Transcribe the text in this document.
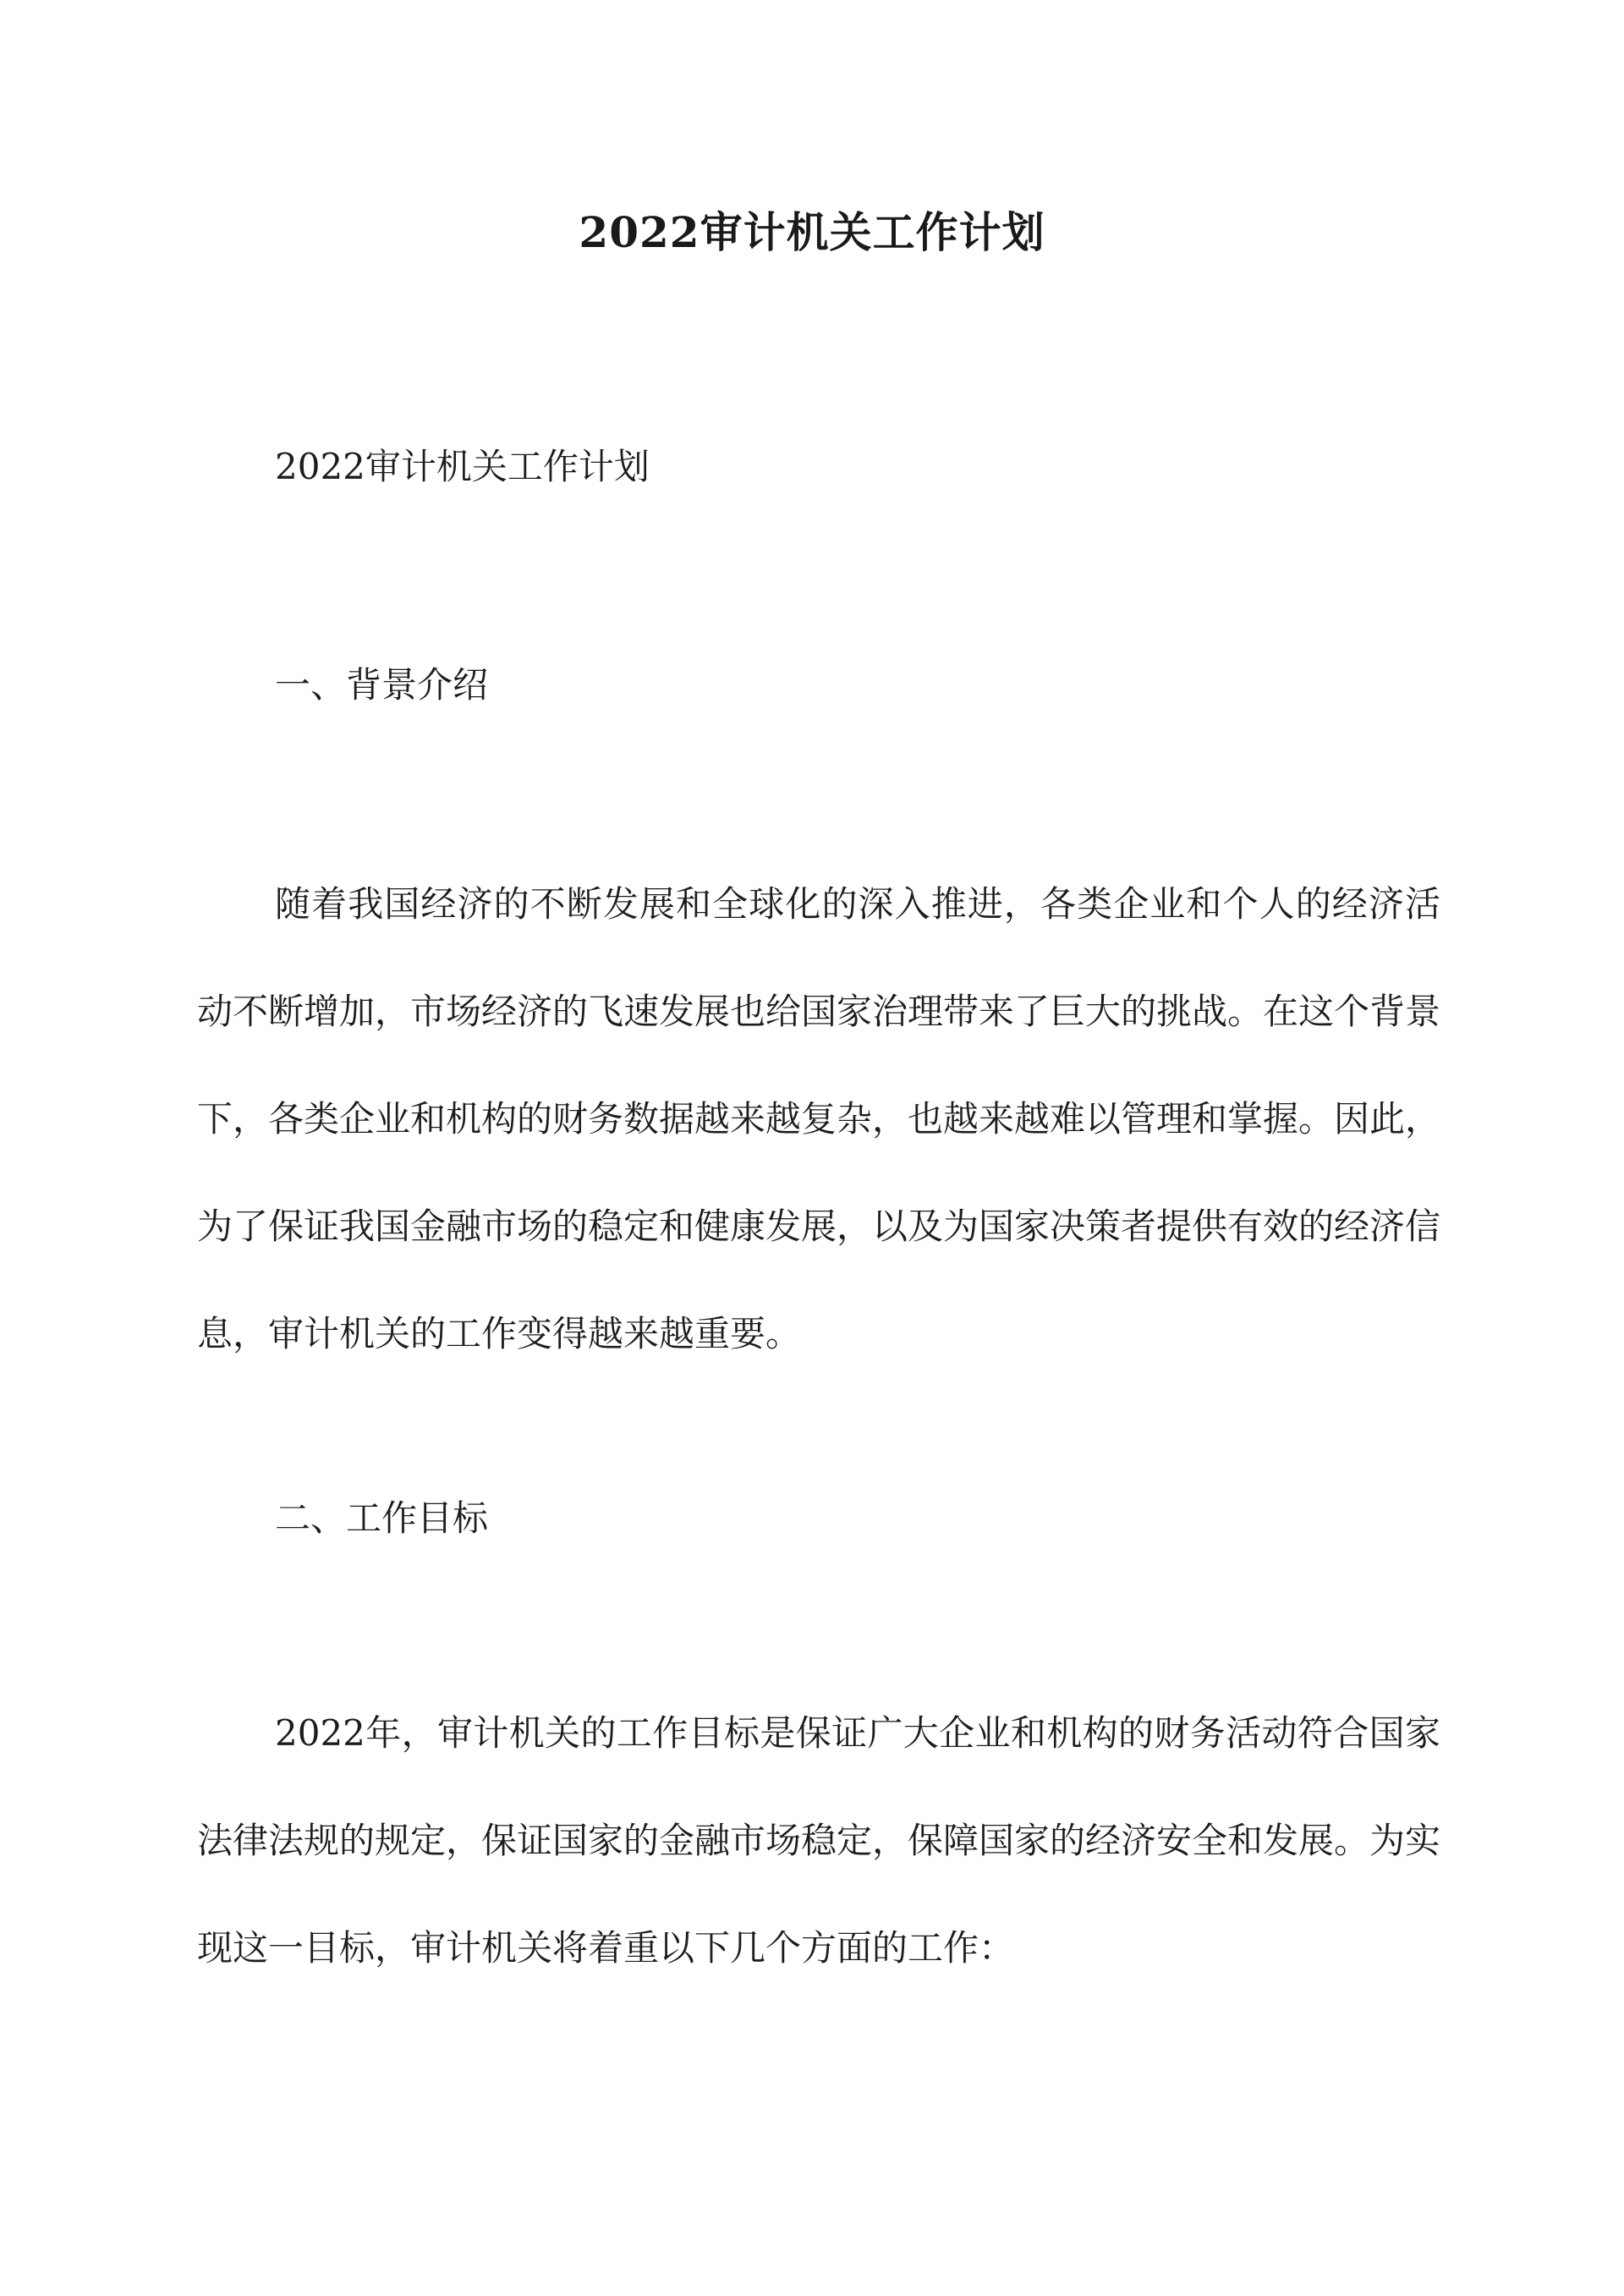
2022审计机关工作计划
2022审计机关工作计划
一、背景介绍

随着我国经济的不断发展和全球化的深入推进，各类企业和个人的经济活动不断增加，市场经济的飞速发展也给国家治理带来了巨大的挑战。在这个背景下，各类企业和机构的财务数据越来越复杂，也越来越难以管理和掌握。因此，为了保证我国金融市场的稳定和健康发展，以及为国家决策者提供有效的经济信息，审计机关的工作变得越来越重要。

二、工作目标

2022年，审计机关的工作目标是保证广大企业和机构的财务活动符合国家法律法规的规定，保证国家的金融市场稳定，保障国家的经济安全和发展。为实现这一目标，审计机关将着重以下几个方面的工作：
